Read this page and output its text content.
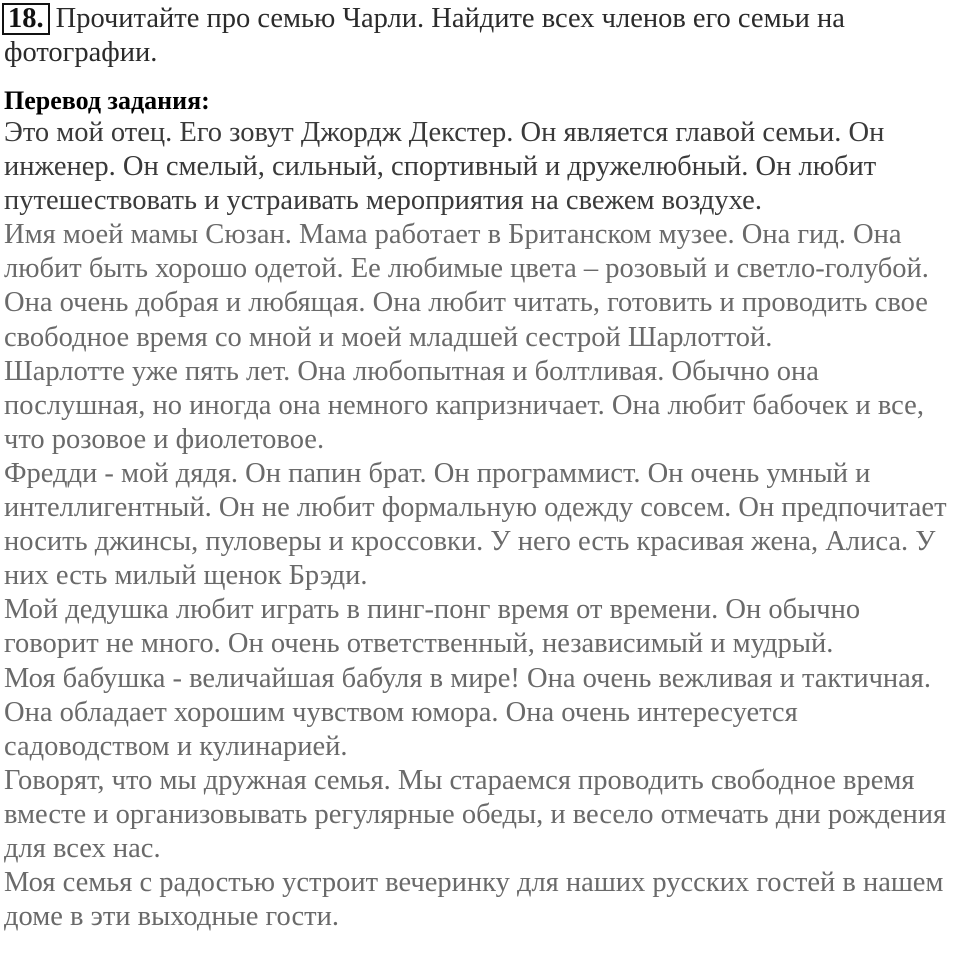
18. Прочитайте про семью Чарли. Найдите всех членов его семьи на фотографии.

Перевод задания:

Это мой отец. Его зовут Джордж Декстер. Он является главой семьи. Он инженер. Он смелый, сильный, спортивный и дружелюбный. Он любит путешествовать и устраивать мероприятия на свежем воздухе.

Имя моей мамы Сюзан. Мама работает в Британском музее. Она гид. Она любит быть хорошо одетой. Ее любимые цвета – розовый и светло-голубой. Она очень добрая и любящая. Она любит читать, готовить и проводить свое свободное время со мной и моей младшей сестрой Шарлоттой.

Шарлотте уже пять лет. Она любопытная и болтливая. Обычно она послушная, но иногда она немного капризничает. Она любит бабочек и все, что розовое и фиолетовое.

Фредди - мой дядя. Он папин брат. Он программист. Он очень умный и интеллигентный. Он не любит формальную одежду совсем. Он предпочитает носить джинсы, пуловеры и кроссовки. У него есть красивая жена, Алиса. У них есть милый щенок Брэди.

Мой дедушка любит играть в пинг-понг время от времени. Он обычно говорит не много. Он очень ответственный, независимый и мудрый.

Моя бабушка - величайшая бабуля в мире! Она очень вежливая и тактичная. Она обладает хорошим чувством юмора. Она очень интересуется садоводством и кулинарией.

Говорят, что мы дружная семья. Мы стараемся проводить свободное время вместе и организовывать регулярные обеды, и весело отмечать дни рождения для всех нас.

Моя семья с радостью устроит вечеринку для наших русских гостей в нашем доме в эти выходные гости.
